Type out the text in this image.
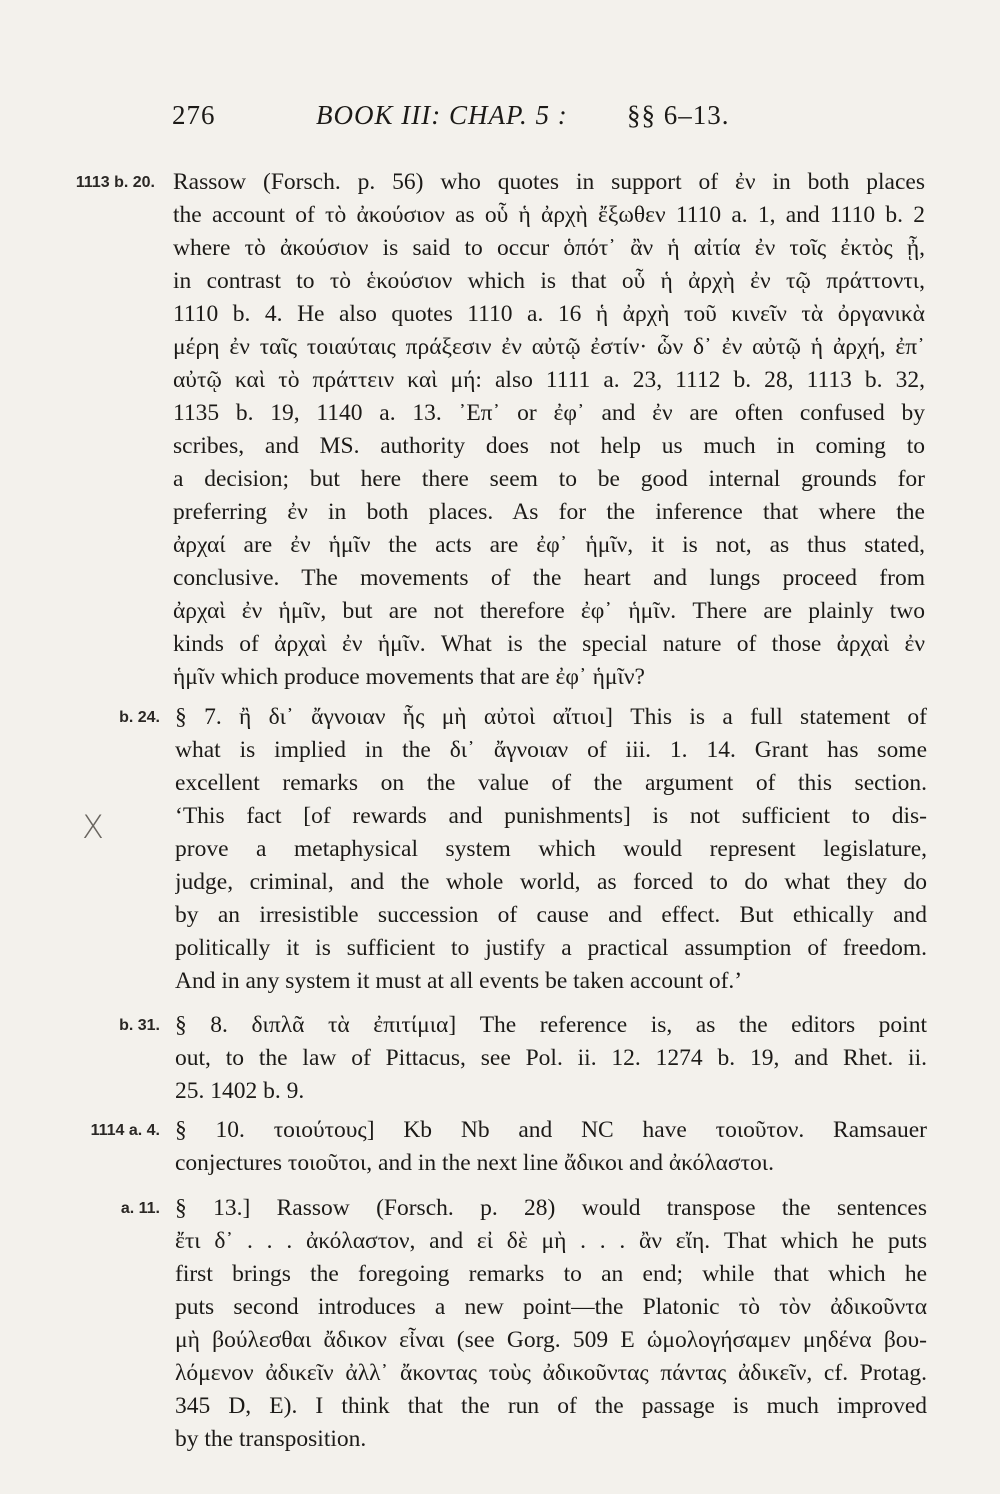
276	BOOK III: CHAP. 5 : §§ 6–13.
X
1113 b. 20. Rassow (Forsch. p. 56) who quotes in support of ἐν in both places
the account of τὸ ἀκούσιον as οὗ ἡ ἀρχὴ ἔξωθεν 1110 a. 1, and 1110 b. 2
where τὸ ἀκούσιον is said to occur ὁπότ᾽ ἂν ἡ αἰτία ἐν τοῖς ἐκτὸς ᾖ,
in contrast to τὸ ἑκούσιον which is that οὗ ἡ ἀρχὴ ἐν τῷ πράττοντι,
1110 b. 4. He also quotes 1110 a. 16 ἡ ἀρχὴ τοῦ κινεῖν τὰ ὀργανικὰ
μέρη ἐν ταῖς τοιαύταις πράξεσιν ἐν αὐτῷ ἐστίν· ὧν δ᾽ ἐν αὐτῷ ἡ ἀρχή, ἐπ᾽
αὐτῷ καὶ τὸ πράττειν καὶ μή: also 1111 a. 23, 1112 b. 28, 1113 b. 32,
1135 b. 19, 1140 a. 13. ᾽Επ᾽ or ἐφ᾽ and ἐν are often confused by
scribes, and MS. authority does not help us much in coming to
a decision; but here there seem to be good internal grounds for
preferring ἐν in both places. As for the inference that where the
ἀρχαί are ἐν ἡμῖν the acts are ἐφ᾽ ἡμῖν, it is not, as thus stated,
conclusive. The movements of the heart and lungs proceed from
ἀρχαὶ ἐν ἡμῖν, but are not therefore ἐφ᾽ ἡμῖν. There are plainly two
kinds of ἀρχαὶ ἐν ἡμῖν. What is the special nature of those ἀρχαὶ ἐν
ἡμῖν which produce movements that are ἐφ᾽ ἡμῖν?
b. 24. § 7. ἢ δι᾽ ἄγνοιαν ἧς μὴ αὐτοὶ αἴτιοι] This is a full statement of
what is implied in the δι᾽ ἄγνοιαν of iii. 1. 14. Grant has some
excellent remarks on the value of the argument of this section.
‘This fact [of rewards and punishments] is not sufficient to dis-
prove a metaphysical system which would represent legislature,
judge, criminal, and the whole world, as forced to do what they do
by an irresistible succession of cause and effect. But ethically and
politically it is sufficient to justify a practical assumption of freedom.
And in any system it must at all events be taken account of.’
b. 31. § 8. διπλᾶ τὰ ἐπιτίμια] The reference is, as the editors point
out, to the law of Pittacus, see Pol. ii. 12. 1274 b. 19, and Rhet. ii.
25. 1402 b. 9.
1114 a. 4. § 10. τοιούτους] Kb Nb and NC have τοιοῦτον. Ramsauer
conjectures τοιοῦτοι, and in the next line ἄδικοι and ἀκόλαστοι.
a. 11. § 13.] Rassow (Forsch. p. 28) would transpose the sentences
ἔτι δ᾽ . . . ἀκόλαστον, and εἰ δὲ μὴ . . . ἂν εἴη. That which he puts
first brings the foregoing remarks to an end; while that which he
puts second introduces a new point—the Platonic τὸ τὸν ἀδικοῦντα
μὴ βούλεσθαι ἄδικον εἶναι (see Gorg. 509 E ὡμολογήσαμεν μηδένα βου-
λόμενον ἀδικεῖν ἀλλ᾽ ἄκοντας τοὺς ἀδικοῦντας πάντας ἀδικεῖν, cf. Protag.
345 D, E). I think that the run of the passage is much improved
by the transposition.
